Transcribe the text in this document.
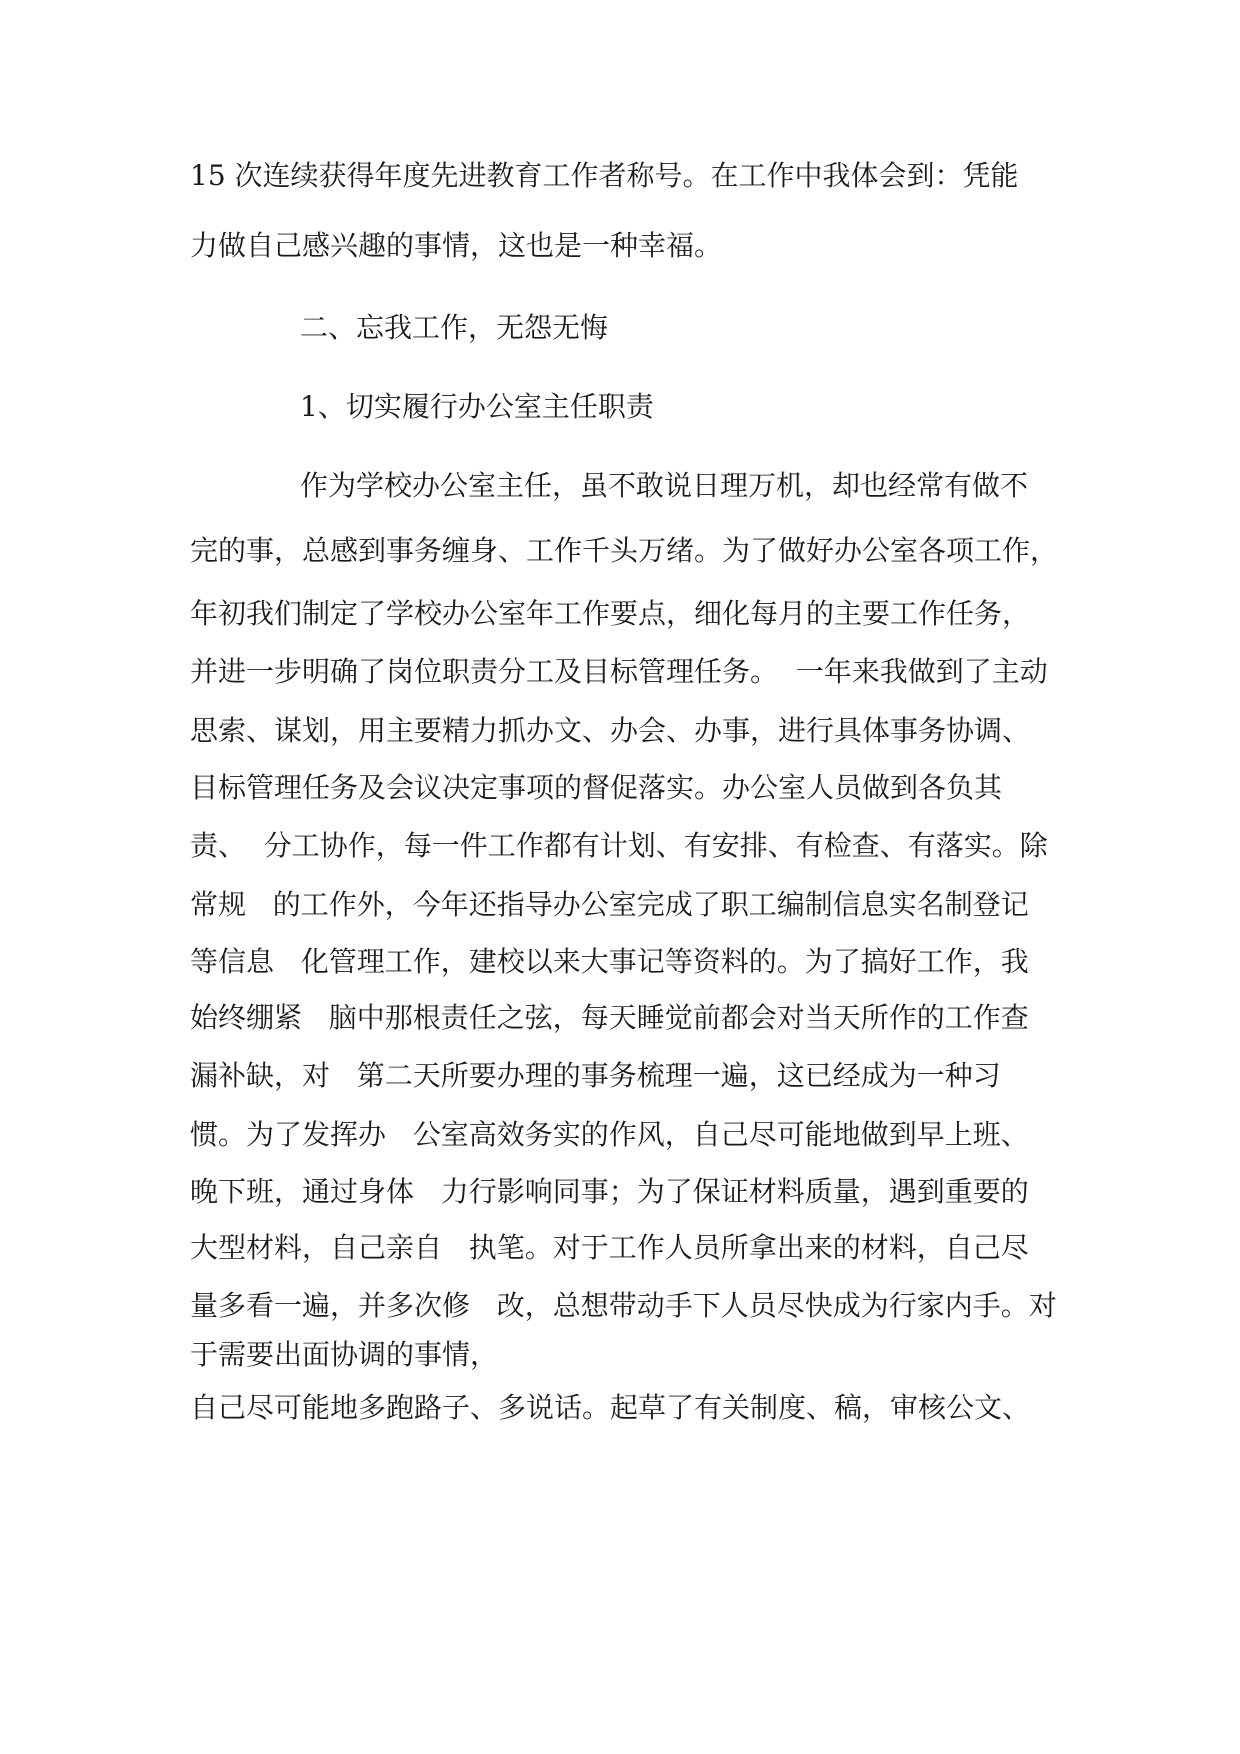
15 次连续获得年度先进教育工作者称号。在工作中我体会到：凭能

力做自己感兴趣的事情，这也是一种幸福。

二、忘我工作，无怨无悔

1、切实履行办公室主任职责

作为学校办公室主任，虽不敢说日理万机，却也经常有做不

完的事，总感到事务缠身、工作千头万绪。为了做好办公室各项工作，

年初我们制定了学校办公室年工作要点，细化每月的主要工作任务，

并进一步明确了岗位职责分工及目标管理任务。  一年来我做到了主动

思索、谋划，用主要精力抓办文、办会、办事，进行具体事务协调、

目标管理任务及会议决定事项的督促落实。办公室人员做到各负其

责、  分工协作，每一件工作都有计划、有安排、有检查、有落实。除

常规   的工作外，今年还指导办公室完成了职工编制信息实名制登记

等信息   化管理工作，建校以来大事记等资料的。为了搞好工作，我

始终绷紧   脑中那根责任之弦，每天睡觉前都会对当天所作的工作查

漏补缺，对   第二天所要办理的事务梳理一遍，这已经成为一种习

惯。为了发挥办   公室高效务实的作风，自己尽可能地做到早上班、

晚下班，通过身体   力行影响同事；为了保证材料质量，遇到重要的

大型材料，自己亲自   执笔。对于工作人员所拿出来的材料，自己尽

量多看一遍，并多次修   改，总想带动手下人员尽快成为行家内手。对

于需要出面协调的事情，

自己尽可能地多跑路子、多说话。起草了有关制度、稿，审核公文、
